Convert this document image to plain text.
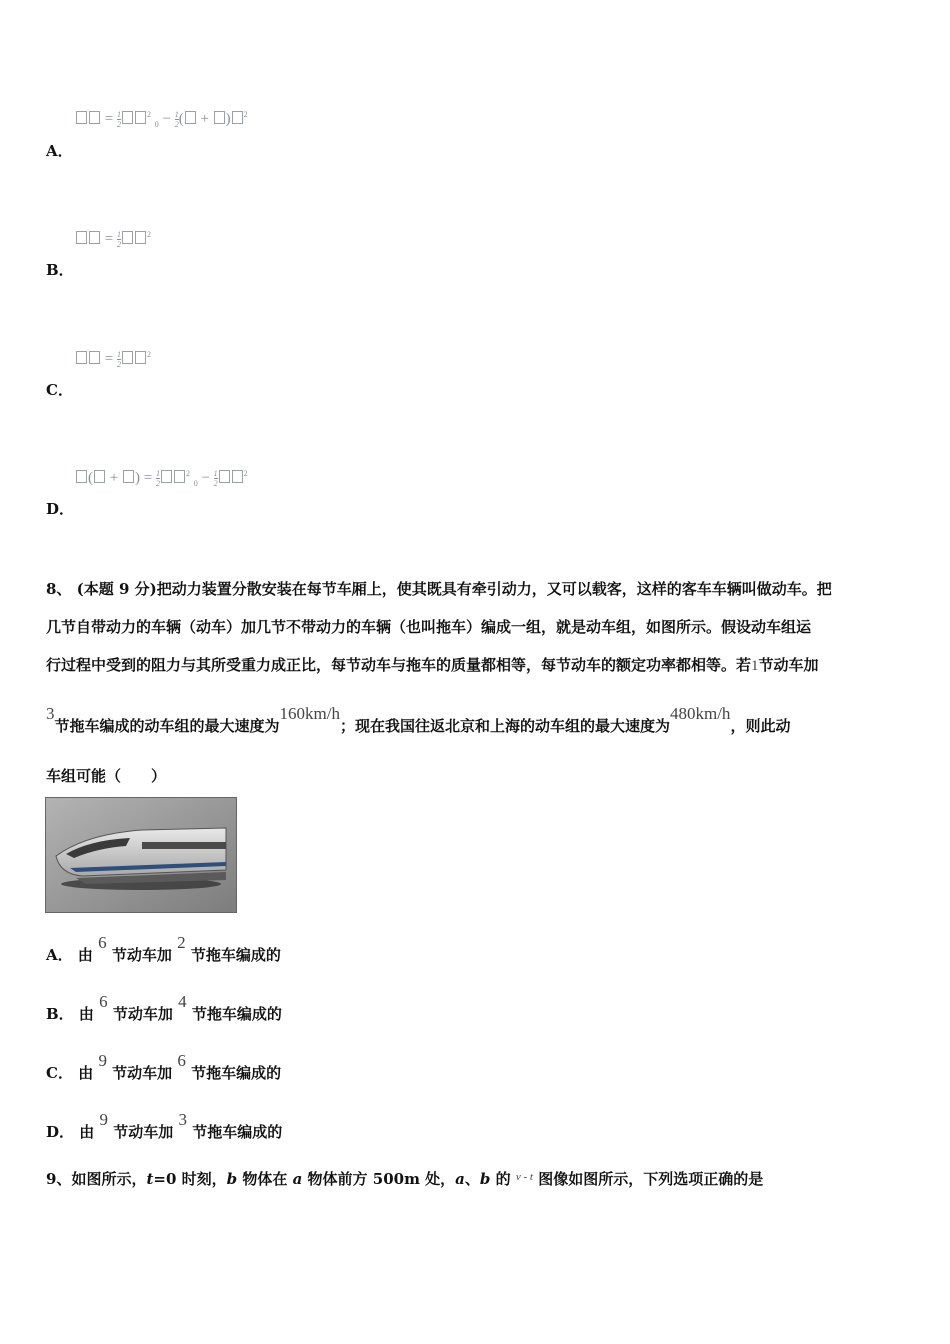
= $\frac{1}{2}$	$^2$ $_0 - \frac{1}{2}$ ( + ) $^2$
A．
= $\frac{1}{2}$	$^2$
B．
= $\frac{1}{2}$	$^2$
C．
( + ) = $\frac{1}{2}$	$^2$ $_0 - \frac{1}{2}$	$^2$
D．
8、 (本题 9 分)把动力装置分散安装在每节车厢上，使其既具有牵引动力，又可以载客，这样的客车车辆叫做动车。把
几节自带动力的车辆（动车）加几节不带动力的车辆（也叫拖车）编成一组，就是动车组，如图所示。假设动车组运
行过程中受到的阻力与其所受重力成正比，每节动车与拖车的质量都相等，每节动车的额定功率都相等。若1节动车加
3节拖车编成的动车组的最大速度为160km/h；现在我国往返北京和上海的动车组的最大速度为480km/h，则此动
车组可能（　　）
A． 由 6 节动车加 2 节拖车编成的
B． 由 6 节动车加 4 节拖车编成的
C． 由 9 节动车加 6 节拖车编成的
D． 由 9 节动车加 3 节拖车编成的
9、如图所示，t=0 时刻，b 物体在 a 物体前方 500m 处，a、b 的 $^{v - t}$ 图像如图所示，下列选项正确的是
